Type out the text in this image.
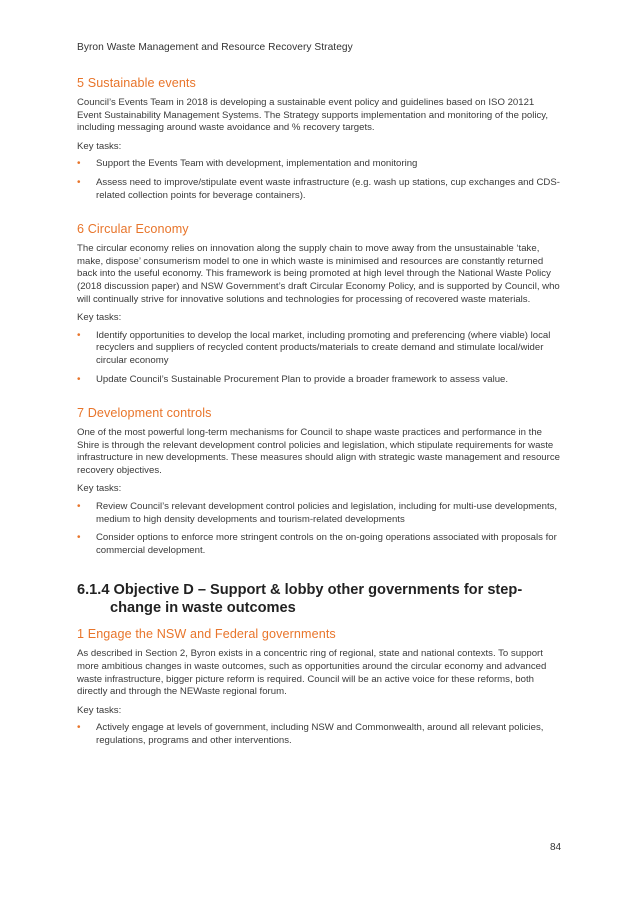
Byron Waste Management and Resource Recovery Strategy
5 Sustainable events

Council’s Events Team in 2018 is developing a sustainable event policy and guidelines based on ISO 20121 Event Sustainability Management Systems. The Strategy supports implementation and monitoring of the policy, including messaging around waste avoidance and % recovery targets.

Key tasks:

• Support the Events Team with development, implementation and monitoring
• Assess need to improve/stipulate event waste infrastructure (e.g. wash up stations, cup exchanges and CDS-related collection points for beverage containers).
6 Circular Economy

The circular economy relies on innovation along the supply chain to move away from the unsustainable ‘take, make, dispose’ consumerism model to one in which waste is minimised and resources are constantly returned back into the useful economy. This framework is being promoted at high level through the National Waste Policy (2018 discussion paper) and NSW Government’s draft Circular Economy Policy, and is supported by Council, who will continually strive for innovative solutions and technologies for processing of recovered waste materials.

Key tasks:

• Identify opportunities to develop the local market, including promoting and preferencing (where viable) local recyclers and suppliers of recycled content products/materials to create demand and stimulate local/wider circular economy
• Update Council’s Sustainable Procurement Plan to provide a broader framework to assess value.
7 Development controls

One of the most powerful long-term mechanisms for Council to shape waste practices and performance in the Shire is through the relevant development control policies and legislation, which stipulate requirements for waste infrastructure in new developments. These measures should align with strategic waste management and resource recovery objectives.

Key tasks:

• Review Council’s relevant development control policies and legislation, including for multi-use developments, medium to high density developments and tourism-related developments
• Consider options to enforce more stringent controls on the on-going operations associated with proposals for commercial development.
6.1.4 Objective D – Support & lobby other governments for step-
change in waste outcomes
1 Engage the NSW and Federal governments

As described in Section 2, Byron exists in a concentric ring of regional, state and national contexts. To support more ambitious changes in waste outcomes, such as opportunities around the circular economy and advanced waste infrastructure, bigger picture reform is required. Council will be an active voice for these reforms, both directly and through the NEWaste regional forum.

Key tasks:

• Actively engage at levels of government, including NSW and Commonwealth, around all relevant policies, regulations, programs and other interventions.
84
